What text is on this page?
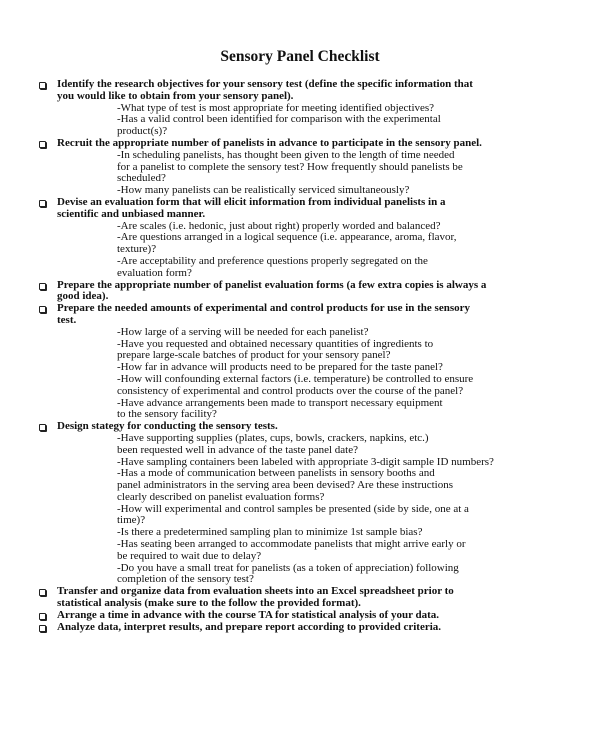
Sensory Panel Checklist
Identify the research objectives for your sensory test (define the specific information that
you would like to obtain from your sensory panel).
-What type of test is most appropriate for meeting identified objectives?
-Has a valid control been identified for comparison with the experimental
product(s)?
Recruit the appropriate number of panelists in advance to participate in the sensory panel.
-In scheduling panelists, has thought been given to the length of time needed
for a panelist to complete the sensory test? How frequently should panelists be
scheduled?
-How many panelists can be realistically serviced simultaneously?
Devise an evaluation form that will elicit information from individual panelists in a
scientific and unbiased manner.
-Are scales (i.e. hedonic, just about right) properly worded and balanced?
-Are questions arranged in a logical sequence (i.e. appearance, aroma, flavor,
texture)?
-Are acceptability and preference questions properly segregated on the
evaluation form?
Prepare the appropriate number of panelist evaluation forms (a few extra copies is always a
good idea).
Prepare the needed amounts of experimental and control products for use in the sensory
test.
-How large of a serving will be needed for each panelist?
-Have you requested and obtained necessary quantities of ingredients to
prepare large-scale batches of product for your sensory panel?
-How far in advance will products need to be prepared for the taste panel?
-How will confounding external factors (i.e. temperature) be controlled to ensure
consistency of experimental and control products over the course of the panel?
-Have advance arrangements been made to transport necessary equipment
to the sensory facility?
Design stategy for conducting the sensory tests.
-Have supporting supplies (plates, cups, bowls, crackers, napkins, etc.)
been requested well in advance of the taste panel date?
-Have sampling containers been labeled with appropriate 3-digit sample ID numbers?
-Has a mode of communication between panelists in sensory booths and
panel administrators in the serving area been devised? Are these instructions
clearly described on panelist evaluation forms?
-How will experimental and control samples be presented (side by side, one at a
time)?
-Is there a predetermined sampling plan to minimize 1st sample bias?
-Has seating been arranged to accommodate panelists that might arrive early or
be required to wait due to delay?
-Do you have a small treat for panelists (as a token of appreciation) following
completion of the sensory test?
Transfer and organize data from evaluation sheets into an Excel spreadsheet prior to
statistical analysis (make sure to the follow the provided format).
Arrange a time in advance with the course TA for statistical analysis of your data.
Analyze data, interpret results, and prepare report according to provided criteria.
